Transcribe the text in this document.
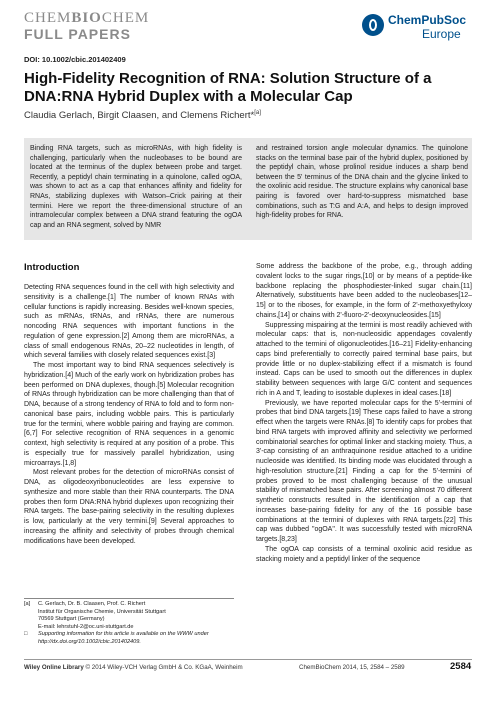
CHEMBIOCHEM
FULL PAPERS
ChemPubSoc
Europe
DOI: 10.1002/cbic.201402409
High-Fidelity Recognition of RNA: Solution Structure of a DNA:RNA Hybrid Duplex with a Molecular Cap
Claudia Gerlach, Birgit Claasen, and Clemens Richert*[a]
Binding RNA targets, such as microRNAs, with high fidelity is challenging, particularly when the nucleobases to be bound are located at the terminus of the duplex between probe and target. Recently, a peptidyl chain terminating in a quinolone, called ogOA, was shown to act as a cap that enhances affinity and fidelity for RNAs, stabilizing duplexes with Watson–Crick pairing at their termini. Here we report the three-dimensional structure of an intramolecular complex between a DNA strand featuring the ogOA cap and an RNA segment, solved by NMR
and restrained torsion angle molecular dynamics. The quinolone stacks on the terminal base pair of the hybrid duplex, positioned by the peptidyl chain, whose prolinol residue induces a sharp bend between the 5' terminus of the DNA chain and the glycine linked to the oxolinic acid residue. The structure explains why canonical base pairing is favored over hard-to-suppress mismatched base combinations, such as T:G and A:A, and helps to design improved high-fidelity probes for RNA.
Introduction

Detecting RNA sequences found in the cell with high selectivity and sensitivity is a challenge.[1] The number of known RNAs with cellular functions is rapidly increasing. Besides well-known species, such as mRNAs, tRNAs, and rRNAs, there are numerous noncoding RNA sequences with important functions in the regulation of gene expression.[2] Among them are microRNAs, a class of small endogenous RNAs, 20–22 nucleotides in length, of which several families with closely related sequences exist.[3]

The most important way to bind RNA sequences selectively is hybridization.[4] Much of the early work on hybridization probes has been performed on DNA duplexes, though.[5] Molecular recognition of RNAs through hybridization can be more challenging than that of DNA, because of a strong tendency of RNA to fold and to form non-canonical base pairs, including wobble pairs. This is particularly true for the termini, where wobble pairing and fraying are common.[6,7] For selective recognition of RNA sequences in a genomic context, high selectivity is required at any position of a probe. This is especially true for massively parallel hybridization, using microarrays.[1,8]

Most relevant probes for the detection of microRNAs consist of DNA, as oligodeoxyribonucleotides are less expensive to synthesize and more stable than their RNA counterparts. The DNA probes then form DNA:RNA hybrid duplexes upon recognizing their RNA targets. The base-pairing selectivity in the resulting duplexes is low, particularly at the very termini.[9] Several approaches to increasing the affinity and selectivity of probes through chemical modifications have been developed.

Some address the backbone of the probe, e.g., through adding covalent locks to the sugar rings,[10] or by means of a peptide-like backbone replacing the phosphodiester-linked sugar chain.[11] Alternatively, substituents have been added to the nucleobases[12–15] or to the riboses, for example, in the form of 2'-methoxyethyloxy chains,[14] or chains with 2'-fluoro-2'-deoxynucleosides.[15]

Suppressing mispairing at the termini is most readily achieved with molecular caps: that is, non-nucleosidic appendages covalently attached to the termini of oligonucleotides.[16–21] Fidelity-enhancing caps bind preferentially to correctly paired terminal base pairs, but provide little or no duplex-stabilizing effect if a mismatch is found instead. Caps can be used to smooth out the differences in duplex stability between sequences with large G/C content and sequences rich in A and T, leading to isostable duplexes in ideal cases.[18]

Previously, we have reported molecular caps for the 5'-termini of probes that bind DNA targets.[19] These caps failed to have a strong effect when the targets were RNAs.[8] To identify caps for probes that bind RNA targets with improved affinity and selectivity we performed combinatorial searches for optimal linker and stacking moiety. Thus, a 3'-cap consisting of an anthraquinone residue attached to a uridine nucleoside was identified. Its binding mode was elucidated through a high-resolution structure.[21] Finding a cap for the 5'-termini of probes proved to be most challenging because of the unusual stability of mismatched base pairs. After screening almost 70 different synthetic constructs resulted in the identification of a cap that increases base-pairing fidelity for any of the 16 possible base combinations at the termini of duplexes with RNA targets.[22] This cap was dubbed "ogOA". It was successfully tested with microRNA targets.[8,23]

The ogOA cap consists of a terminal oxolinic acid residue as stacking moiety and a peptidyl linker of the sequence

[a]	C. Gerlach, Dr. B. Claasen, Prof. C. Richert
Institut für Organische Chemie, Universität Stuttgart
70569 Stuttgart (Germany)
E-mail: lehrstuhl-2@oc.uni-stuttgart.de
□	Supporting information for this article is available on the WWW under http://dx.doi.org/10.1002/cbic.201402409.
Wiley Online Library © 2014 Wiley-VCH Verlag GmbH & Co. KGaA, Weinheim	ChemBioChem 2014, 15, 2584 – 2589	2584
